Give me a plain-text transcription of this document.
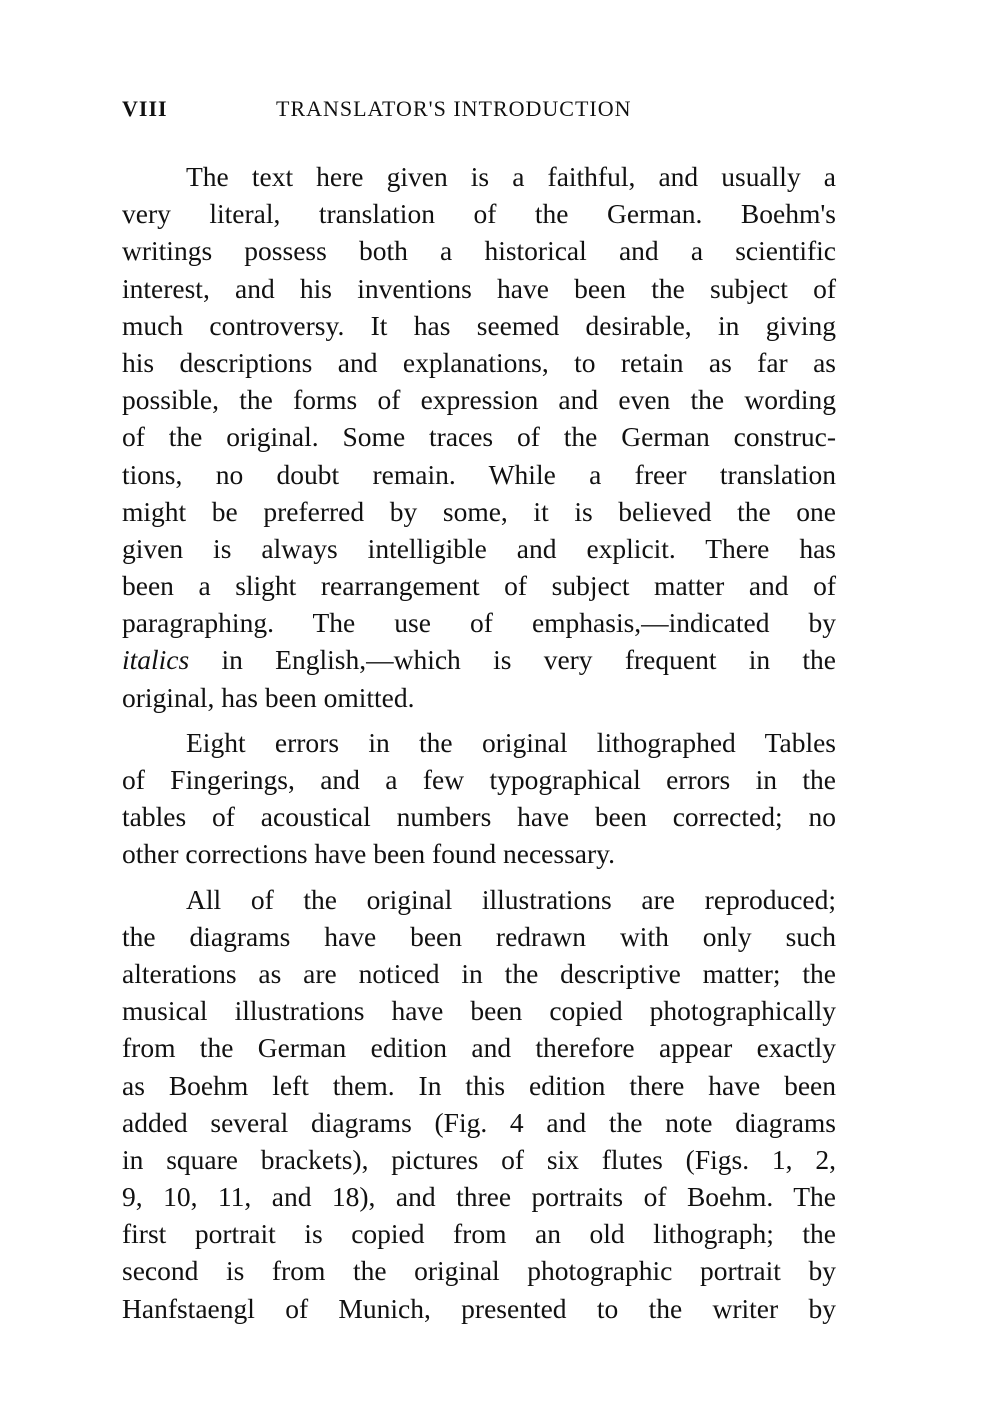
VIII	TRANSLATOR'S INTRODUCTION
The text here given is a faithful, and usually a
very literal, translation of the German. Boehm's
writings possess both a historical and a scientific
interest, and his inventions have been the subject of
much controversy. It has seemed desirable, in giving
his descriptions and explanations, to retain as far as
possible, the forms of expression and even the wording
of the original. Some traces of the German construc-
tions, no doubt remain. While a freer translation
might be preferred by some, it is believed the one
given is always intelligible and explicit. There has
been a slight rearrangement of subject matter and of
paragraphing. The use of emphasis,—indicated by
italics in English,—which is very frequent in the
original, has been omitted.
Eight errors in the original lithographed Tables
of Fingerings, and a few typographical errors in the
tables of acoustical numbers have been corrected; no
other corrections have been found necessary.
All of the original illustrations are reproduced;
the diagrams have been redrawn with only such
alterations as are noticed in the descriptive matter; the
musical illustrations have been copied photographically
from the German edition and therefore appear exactly
as Boehm left them. In this edition there have been
added several diagrams (Fig. 4 and the note diagrams
in square brackets), pictures of six flutes (Figs. 1, 2,
9, 10, 11, and 18), and three portraits of Boehm. The
first portrait is copied from an old lithograph; the
second is from the original photographic portrait by
Hanfstaengl of Munich, presented to the writer by
